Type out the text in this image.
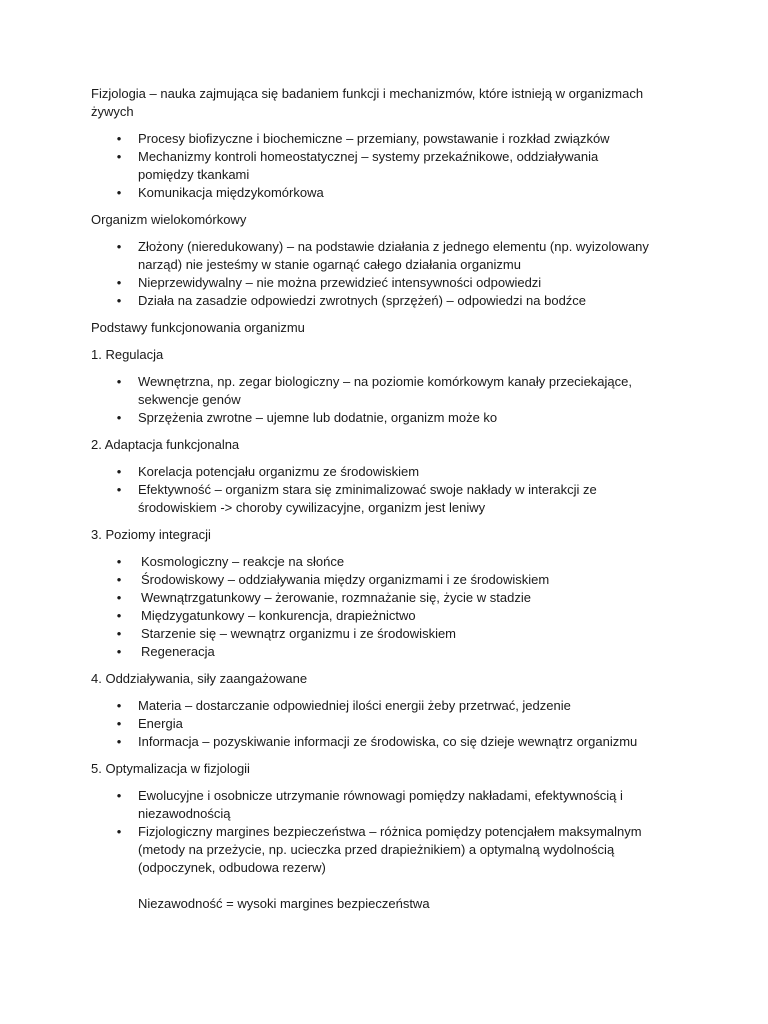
Fizjologia – nauka zajmująca się badaniem funkcji i mechanizmów, które istnieją w organizmach żywych

• Procesy biofizyczne i biochemiczne – przemiany, powstawanie i rozkład związków
• Mechanizmy kontroli homeostatycznej – systemy przekaźnikowe, oddziaływania pomiędzy tkankami
• Komunikacja międzykomórkowa

Organizm wielokomórkowy

• Złożony (nieredukowany) – na podstawie działania z jednego elementu (np. wyizolowany narząd) nie jesteśmy w stanie ogarnąć całego działania organizmu
• Nieprzewidywalny – nie można przewidzieć intensywności odpowiedzi
• Działa na zasadzie odpowiedzi zwrotnych (sprzężeń) – odpowiedzi na bodźce

Podstawy funkcjonowania organizmu

1. Regulacja

• Wewnętrzna, np. zegar biologiczny – na poziomie komórkowym kanały przeciekające, sekwencje genów
• Sprzężenia zwrotne – ujemne lub dodatnie, organizm może ko

2. Adaptacja funkcjonalna

• Korelacja potencjału organizmu ze środowiskiem
• Efektywność – organizm stara się zminimalizować swoje nakłady w interakcji ze środowiskiem -> choroby cywilizacyjne, organizm jest leniwy

3. Poziomy integracji

• Kosmologiczny – reakcje na słońce
• Środowiskowy – oddziaływania między organizmami i ze środowiskiem
• Wewnątrzgatunkowy – żerowanie, rozmnażanie się, życie w stadzie
• Międzygatunkowy – konkurencja, drapieżnictwo
• Starzenie się – wewnątrz organizmu i ze środowiskiem
• Regeneracja

4. Oddziaływania, siły zaangażowane

• Materia – dostarczanie odpowiedniej ilości energii żeby przetrwać, jedzenie
• Energia
• Informacja – pozyskiwanie informacji ze środowiska, co się dzieje wewnątrz organizmu

5. Optymalizacja w fizjologii

• Ewolucyjne i osobnicze utrzymanie równowagi pomiędzy nakładami, efektywnością i niezawodnością
• Fizjologiczny margines bezpieczeństwa – różnica pomiędzy potencjałem maksymalnym (metody na przeżycie, np. ucieczka przed drapieżnikiem) a optymalną wydolnością (odpoczynek, odbudowa rezerw)
Niezawodność = wysoki margines bezpieczeństwa
